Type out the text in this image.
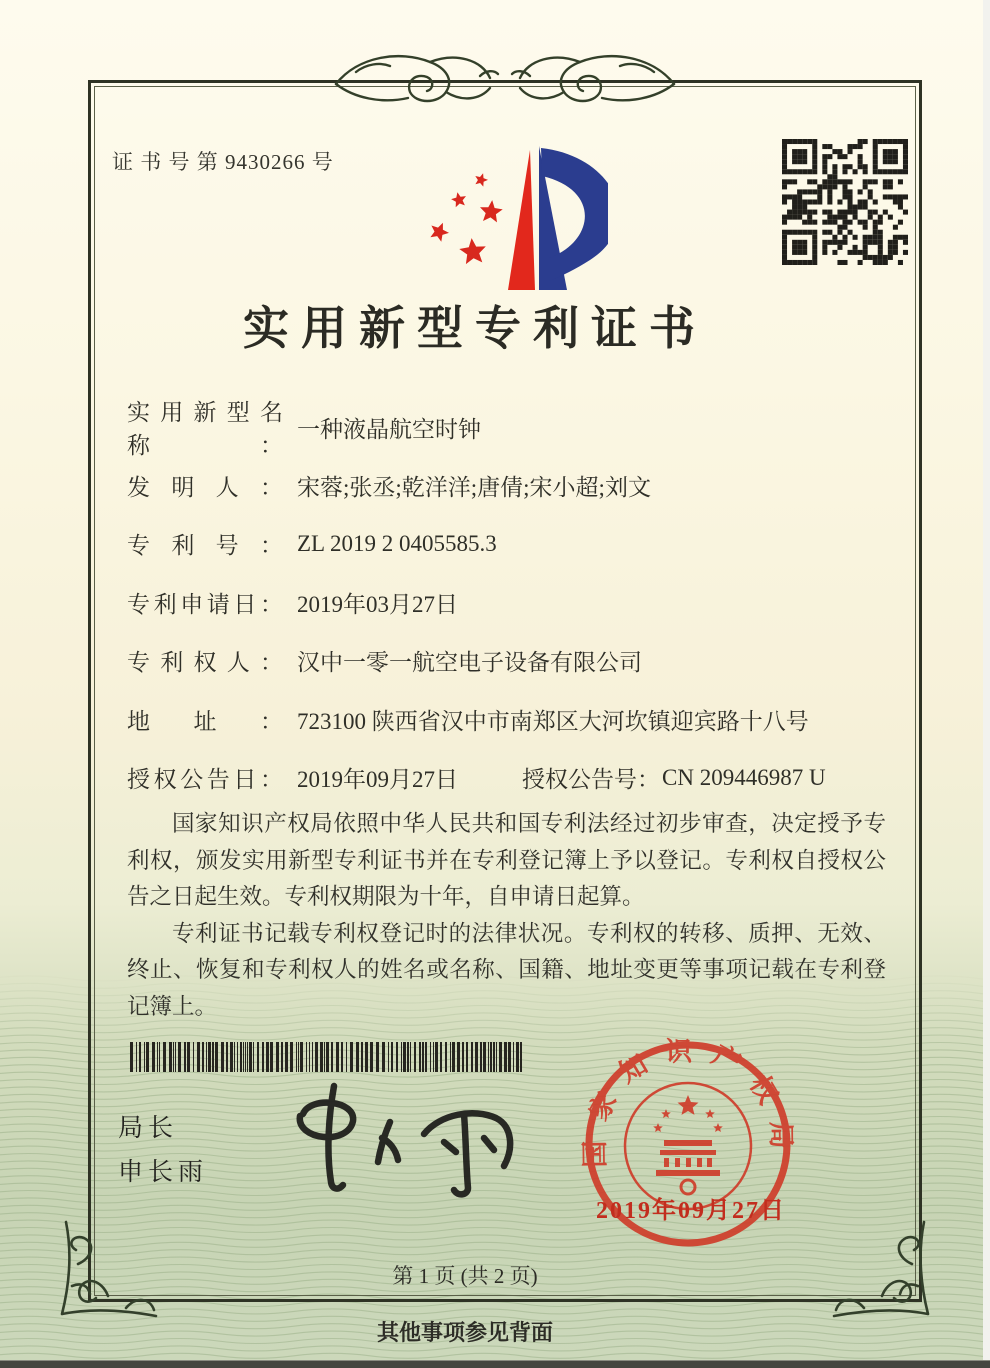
证 书 号 第 9430266 号
实用新型专利证书
实用新型名称：
一种液晶航空时钟
发明人： 宋蓉;张丞;乾洋洋;唐倩;宋小超;刘文
专利号： ZL 2019 2 0405585.3
专利申请日： 2019年03月27日
专利权人： 汉中一零一航空电子设备有限公司
地址： 723100 陕西省汉中市南郑区大河坎镇迎宾路十八号
授权公告日： 2019年09月27日	授权公告号： CN 209446987 U

国家知识产权局依照中华人民共和国专利法经过初步审查，决定授予专利权，颁发实用新型专利证书并在专利登记簿上予以登记。专利权自授权公告之日起生效。专利权期限为十年，自申请日起算。

专利证书记载专利权登记时的法律状况。专利权的转移、质押、无效、终止、恢复和专利权人的姓名或名称、国籍、地址变更等事项记载在专利登记簿上。

局长
申长雨
国家知识产权局
2019年09月27日
第 1 页 (共 2 页)
其他事项参见背面
